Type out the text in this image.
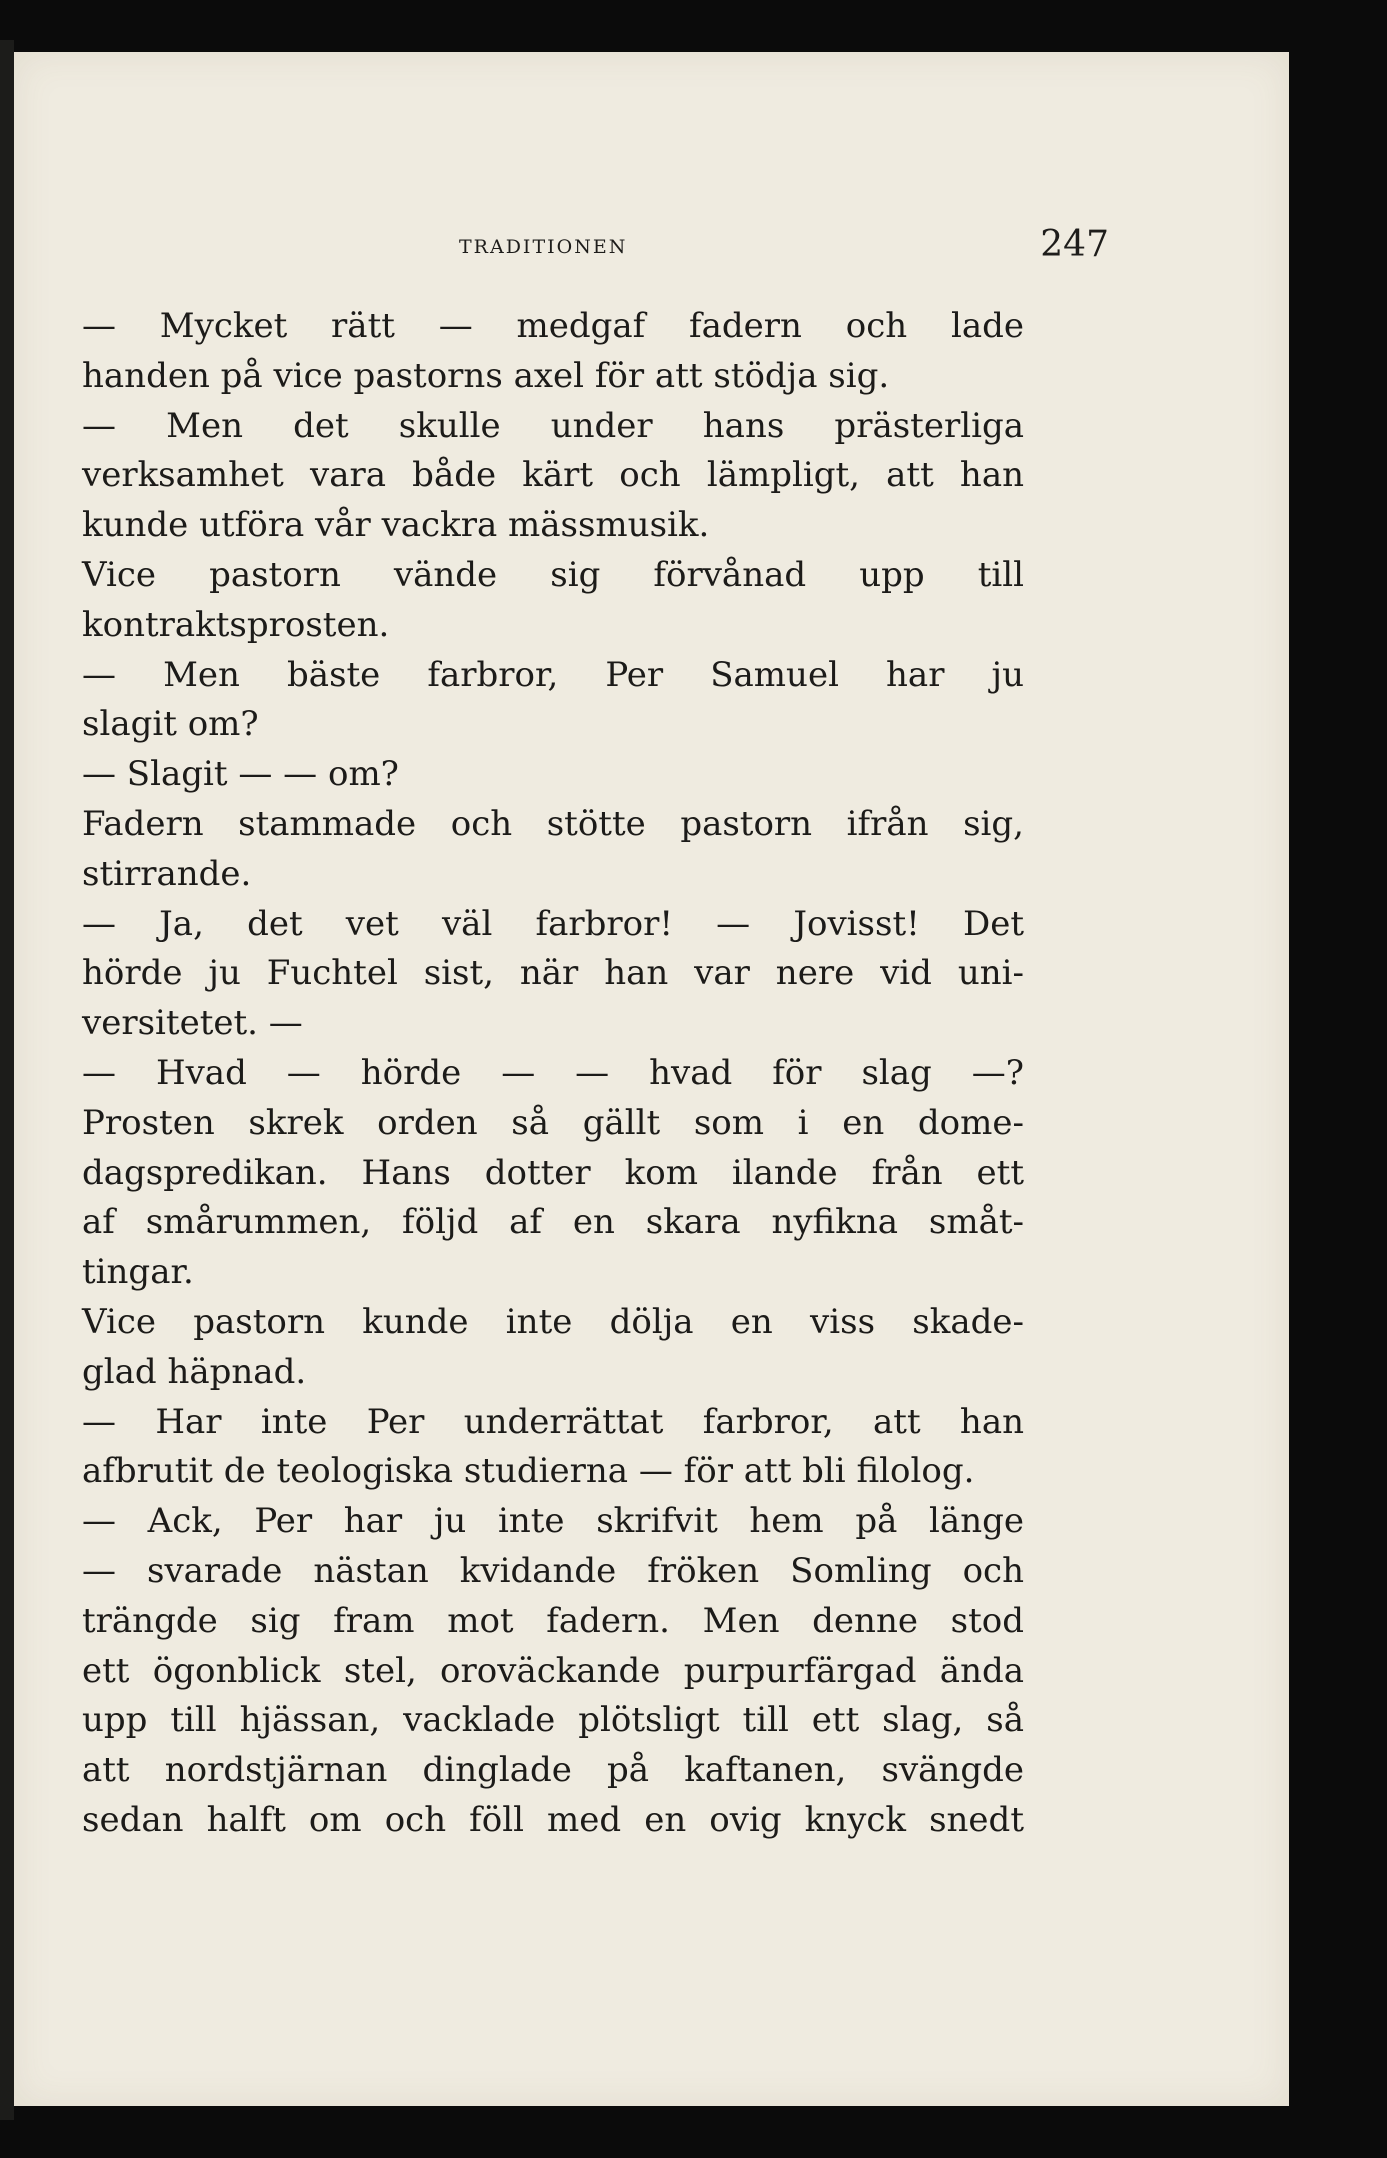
TRADITIONEN	247
— Mycket rätt — medgaf fadern och lade
handen på vice pastorns axel för att stödja sig.
— Men det skulle under hans prästerliga
verksamhet vara både kärt och lämpligt, att han
kunde utföra vår vackra mässmusik.
Vice pastorn vände sig förvånad upp till
kontraktsprosten.
— Men bäste farbror, Per Samuel har ju
slagit om?
— Slagit — — om?
Fadern stammade och stötte pastorn ifrån sig,
stirrande.
— Ja, det vet väl farbror! — Jovisst! Det
hörde ju Fuchtel sist, när han var nere vid uni-
versitetet. —
— Hvad — hörde — — hvad för slag —?
Prosten skrek orden så gällt som i en dome-
dagspredikan. Hans dotter kom ilande från ett
af smårummen, följd af en skara nyfikna småt-
tingar.
Vice pastorn kunde inte dölja en viss skade-
glad häpnad.
— Har inte Per underrättat farbror, att han
afbrutit de teologiska studierna — för att bli filolog.
— Ack, Per har ju inte skrifvit hem på länge
— svarade nästan kvidande fröken Somling och
trängde sig fram mot fadern. Men denne stod
ett ögonblick stel, oroväckande purpurfärgad ända
upp till hjässan, vacklade plötsligt till ett slag, så
att nordstjärnan dinglade på kaftanen, svängde
sedan halft om och föll med en ovig knyck snedt
